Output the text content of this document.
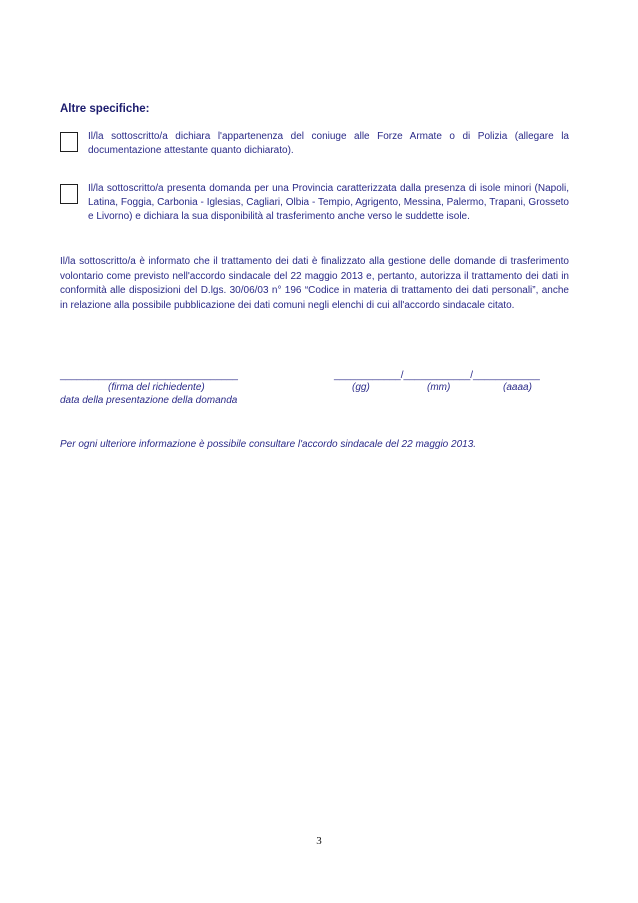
Altre specifiche:
Il/la sottoscritto/a dichiara l'appartenenza del coniuge alle Forze Armate o di Polizia (allegare la documentazione attestante quanto dichiarato).
Il/la sottoscritto/a presenta domanda per una Provincia caratterizzata dalla presenza di isole minori (Napoli, Latina, Foggia, Carbonia - Iglesias, Cagliari, Olbia - Tempio, Agrigento, Messina, Palermo, Trapani, Grosseto e Livorno) e dichiara la sua disponibilità al trasferimento anche verso le suddette isole.
Il/la sottoscritto/a è informato che il trattamento dei dati è finalizzato alla gestione delle domande di trasferimento volontario come previsto nell'accordo sindacale del 22 maggio 2013 e, pertanto, autorizza il trattamento dei dati in conformità alle disposizioni del D.lgs. 30/06/03 n° 196 “Codice in materia di trattamento dei dati personali”, anche in relazione alla possibile pubblicazione dei dati comuni negli elenchi di cui all'accordo sindacale citato.
________________________________
(firma del richiedente)
____________/____________/____________
(gg)	(mm)	(aaaa)
data della presentazione della domanda
Per ogni ulteriore informazione è possibile consultare l'accordo sindacale del 22 maggio 2013.
3
